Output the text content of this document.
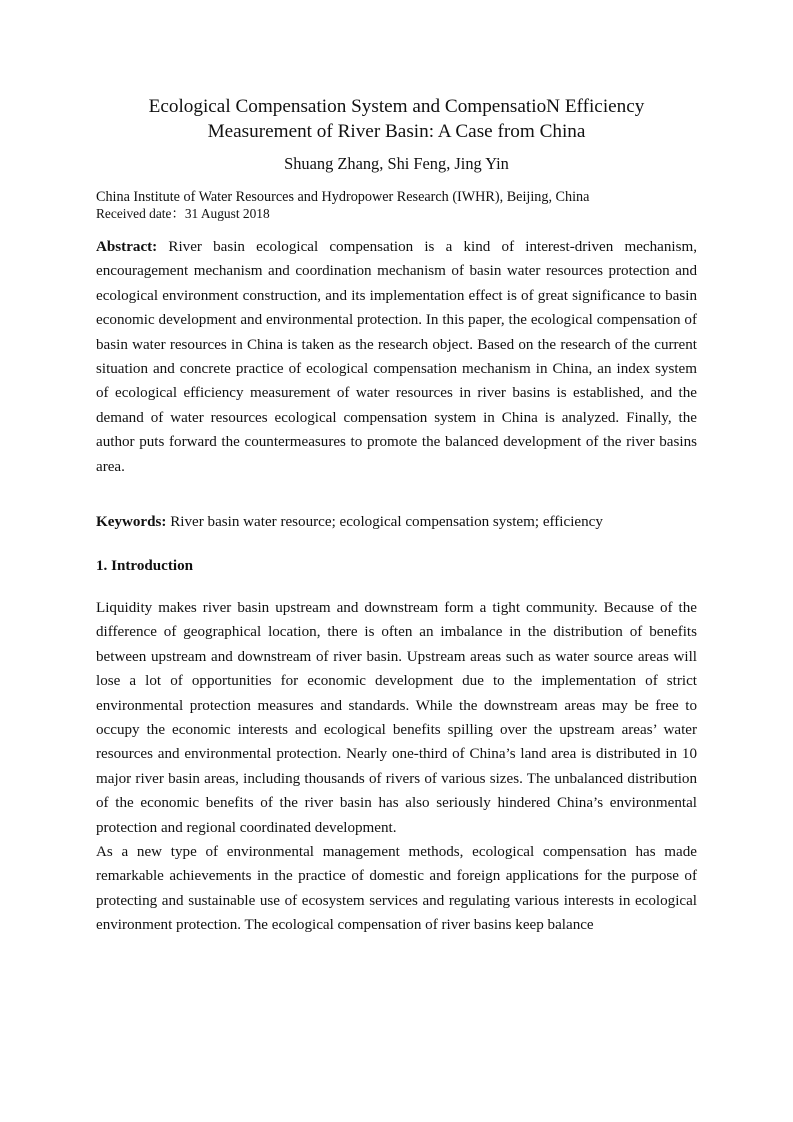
Ecological Compensation System and CompensatioN Efficiency
Measurement of River Basin: A Case from China
Shuang Zhang, Shi Feng, Jing Yin
China Institute of Water Resources and Hydropower Research (IWHR), Beijing, China
Received date：31 August 2018

Abstract: River basin ecological compensation is a kind of interest-driven mechanism, encouragement mechanism and coordination mechanism of basin water resources protection and ecological environment construction, and its implementation effect is of great significance to basin economic development and environmental protection. In this paper, the ecological compensation of basin water resources in China is taken as the research object. Based on the research of the current situation and concrete practice of ecological compensation mechanism in China, an index system of ecological efficiency measurement of water resources in river basins is established, and the demand of water resources ecological compensation system in China is analyzed. Finally, the author puts forward the countermeasures to promote the balanced development of the river basins area.

Keywords: River basin water resource; ecological compensation system; efficiency
1. Introduction

Liquidity makes river basin upstream and downstream form a tight community. Because of the difference of geographical location, there is often an imbalance in the distribution of benefits between upstream and downstream of river basin. Upstream areas such as water source areas will lose a lot of opportunities for economic development due to the implementation of strict environmental protection measures and standards. While the downstream areas may be free to occupy the economic interests and ecological benefits spilling over the upstream areas’ water resources and environmental protection. Nearly one-third of China’s land area is distributed in 10 major river basin areas, including thousands of rivers of various sizes. The unbalanced distribution of the economic benefits of the river basin has also seriously hindered China’s environmental protection and regional coordinated development.

As a new type of environmental management methods, ecological compensation has made remarkable achievements in the practice of domestic and foreign applications for the purpose of protecting and sustainable use of ecosystem services and regulating various interests in ecological environment protection. The ecological compensation of river basins keep balance
